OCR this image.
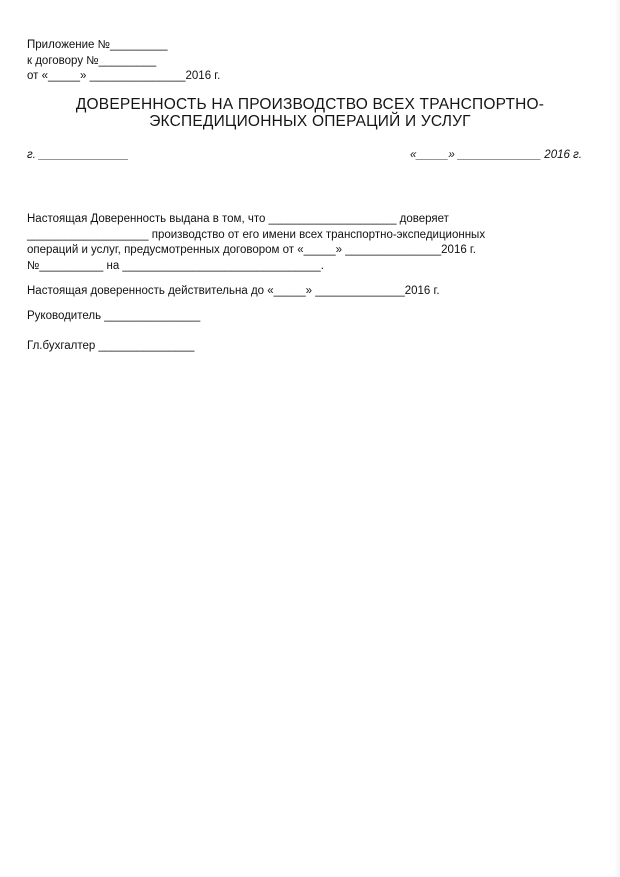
Приложение №_________
к договору №_________
от «_____» _______________2016 г.
ДОВЕРЕННОСТЬ НА ПРОИЗВОДСТВО ВСЕХ ТРАНСПОРТНО-
ЭКСПЕДИЦИОННЫХ ОПЕРАЦИЙ И УСЛУГ
г. ______________	«_____» _____________ 2016 г.
Настоящая Доверенность выдана в том, что ____________________ доверяет
___________________ производство от его имени всех транспортно-экспедиционных
операций и услуг, предусмотренных договором от «_____» _______________2016 г.
№__________ на _______________________________.
Настоящая доверенность действительна до «_____» ______________2016 г.
Руководитель _______________
Гл.бухгалтер _______________
